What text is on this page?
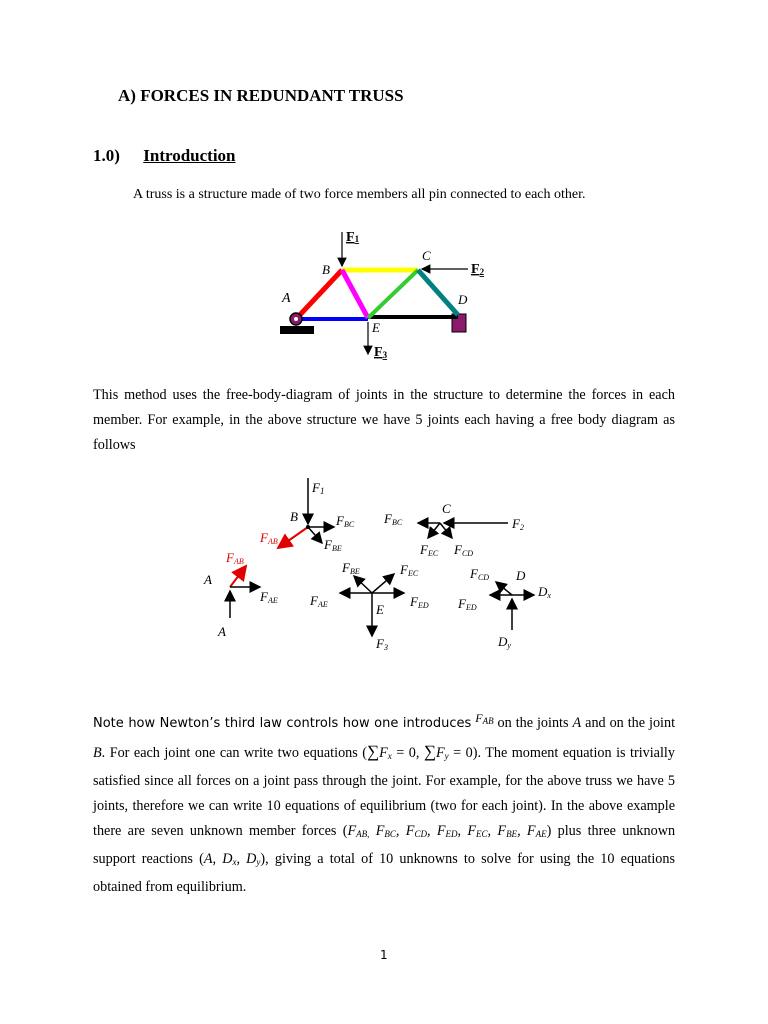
A) FORCES IN REDUNDANT TRUSS
1.0) Introduction
A truss is a structure made of two force members all pin connected to each other.
F1
F2
F3
A
B
C
D
E
This method uses the free-body-diagram of joints in the structure to determine the forces in each member. For example, in the above structure we have 5 joints each having a free body diagram as follows
F1
B	FBC
FAB	FBE
C
FBC	F2
FEC FCD
FAB
A
FAE
A
FBE	FEC
FAE	E
FED
F3
FCD D
FED
Dx
Dy
Note how Newton’s third law controls how one introduces $^{F_{AB}}$ on the joints A and on the joint B. For each joint one can write two equations ($\sum F_x = 0$, $\sum F_y = 0$). The moment equation is trivially satisfied since all forces on a joint pass through the joint. For example, for the above truss we have 5 joints, therefore we can write 10 equations of equilibrium (two for each joint). In the above example there are seven unknown member forces ($F_{AB,}$ $F_{BC}$, $F_{CD}$, $F_{ED}$, $F_{EC}$, $F_{BE}$, $F_{AE}$) plus three unknown support reactions (A, $D_x$, $D_y$), giving a total of 10 unknowns to solve for using the 10 equations obtained from equilibrium.
1
